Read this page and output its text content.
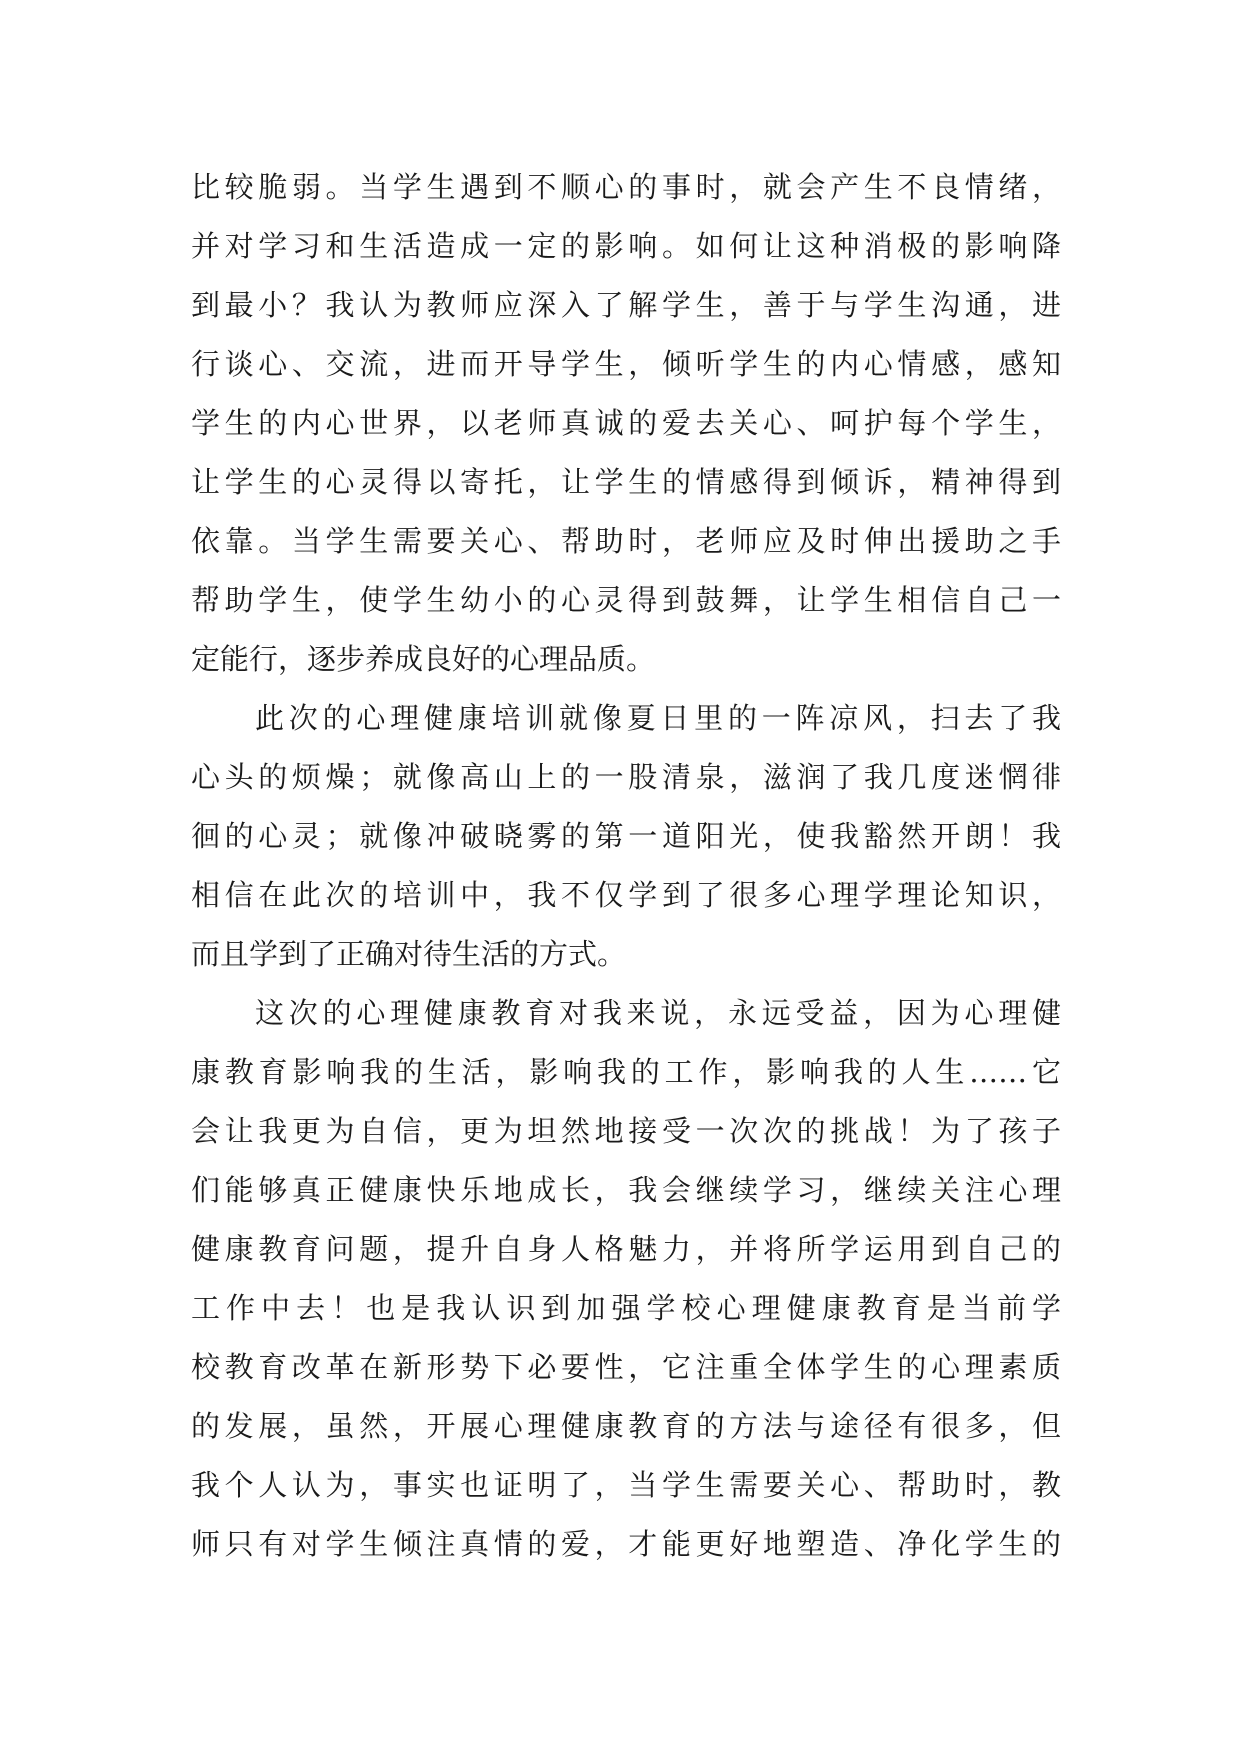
比较脆弱。当学生遇到不顺心的事时，就会产生不良情绪，
并对学习和生活造成一定的影响。如何让这种消极的影响降
到最小？我认为教师应深入了解学生，善于与学生沟通，进
行谈心、交流，进而开导学生，倾听学生的内心情感，感知
学生的内心世界，以老师真诚的爱去关心、呵护每个学生，
让学生的心灵得以寄托，让学生的情感得到倾诉，精神得到
依靠。当学生需要关心、帮助时，老师应及时伸出援助之手
帮助学生，使学生幼小的心灵得到鼓舞，让学生相信自己一
定能行，逐步养成良好的心理品质。
此次的心理健康培训就像夏日里的一阵凉风，扫去了我
心头的烦燥；就像高山上的一股清泉，滋润了我几度迷惘徘
徊的心灵；就像冲破晓雾的第一道阳光，使我豁然开朗！我
相信在此次的培训中，我不仅学到了很多心理学理论知识，
而且学到了正确对待生活的方式。
这次的心理健康教育对我来说，永远受益，因为心理健
康教育影响我的生活，影响我的工作，影响我的人生……它
会让我更为自信，更为坦然地接受一次次的挑战！为了孩子
们能够真正健康快乐地成长，我会继续学习，继续关注心理
健康教育问题，提升自身人格魅力，并将所学运用到自己的
工作中去！也是我认识到加强学校心理健康教育是当前学
校教育改革在新形势下必要性，它注重全体学生的心理素质
的发展，虽然，开展心理健康教育的方法与途径有很多，但
我个人认为，事实也证明了，当学生需要关心、帮助时，教
师只有对学生倾注真情的爱，才能更好地塑造、净化学生的
